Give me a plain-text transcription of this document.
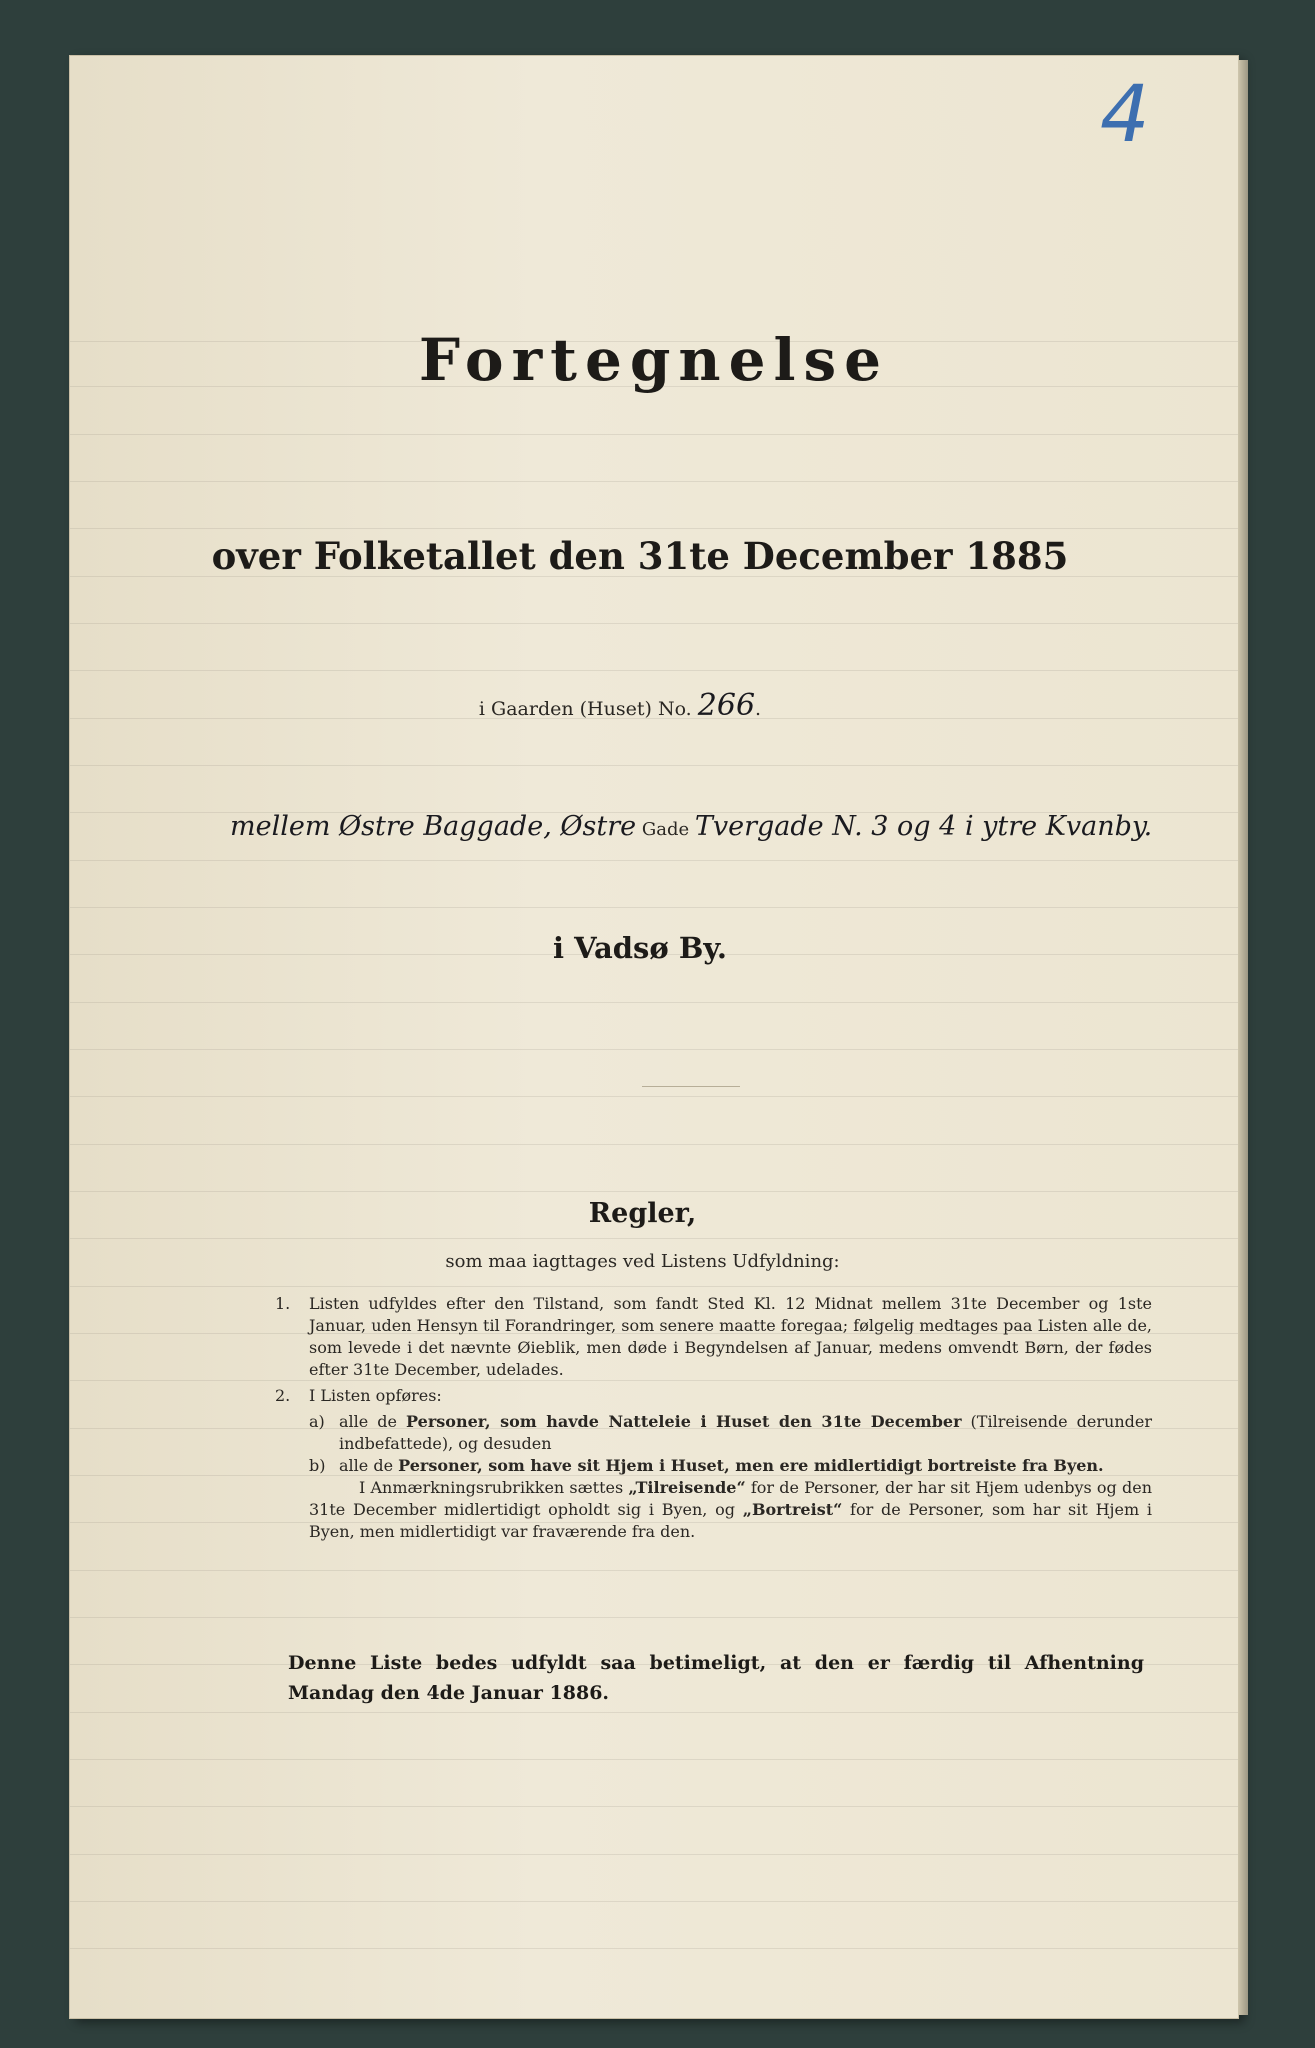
Fortegnelse
over Folketallet den 31te December 1885
i Gaarden (Huset) No. 266.
mellem Østre Baggade, Østre Gade Tvergade N. 3 og 4 i ytre Kvanby.
i Vadsø By.
Regler,
som maa iagttages ved Listens Udfyldning:
1. Listen udfyldes efter den Tilstand, som fandt Sted Kl. 12 Midnat mellem 31te December og 1ste Januar, uden Hensyn til Forandringer, som senere maatte foregaa; følgelig medtages paa Listen alle de, som levede i det nævnte Øieblik, men døde i Begyndelsen af Januar, medens omvendt Børn, der fødes efter 31te December, udelades.
2. I Listen opføres:
a) alle de Personer, som havde Natteleie i Huset den 31te December (Tilreisende derunder indbefattede), og desuden
b) alle de Personer, som have sit Hjem i Huset, men ere midlertidigt bortreiste fra Byen.
I Anmærkningsrubrikken sættes „Tilreisende“ for de Personer, der har sit Hjem udenbys og den 31te December midlertidigt opholdt sig i Byen, og „Bortreist“ for de Personer, som har sit Hjem i Byen, men midlertidigt var fraværende fra den.
Denne Liste bedes udfyldt saa betimeligt, at den er færdig til Afhentning Mandag den 4de Januar 1886.
4
